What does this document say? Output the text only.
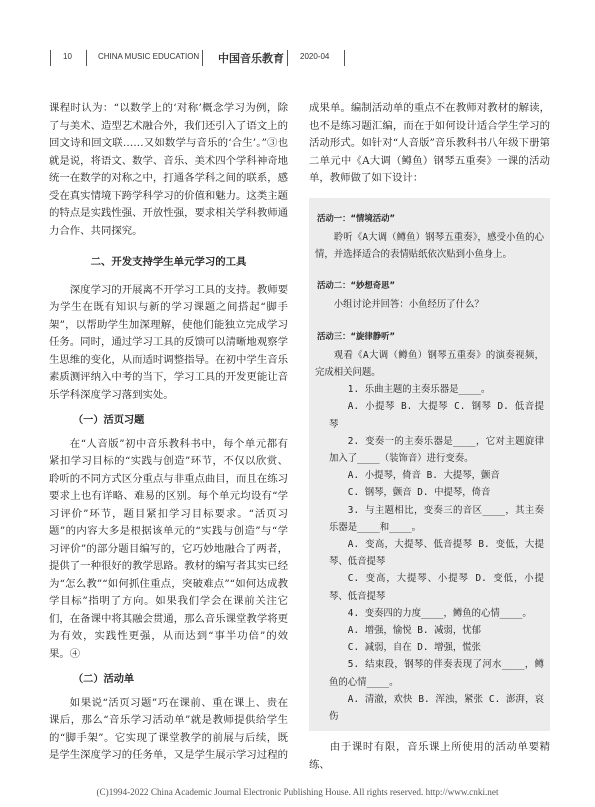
10	CHINA MUSIC EDUCATION 中国音乐教育 2020-04

课程时认为：“以数学上的‘对称’概念学习为例，除了与美术、造型艺术融合外，我们还引入了语文上的回文诗和回文联……又如数学与音乐的‘合生’。”③也就是说，将语文、数学、音乐、美术四个学科神奇地统一在数学的对称之中，打通各学科之间的联系，感受在真实情境下跨学科学习的价值和魅力。这类主题的特点是实践性强、开放性强，要求相关学科教师通力合作、共同探究。

二、开发支持学生单元学习的工具

深度学习的开展离不开学习工具的支持。教师要为学生在既有知识与新的学习课题之间搭起“脚手架”，以帮助学生加深理解，使他们能独立完成学习任务。同时，通过学习工具的反馈可以清晰地观察学生思维的变化，从而适时调整指导。在初中学生音乐素质测评纳入中考的当下，学习工具的开发更能让音乐学科深度学习落到实处。

（一）活页习题

在“人音版”初中音乐教科书中，每个单元都有紧扣学习目标的“实践与创造”环节，不仅以欣赏、聆听的不同方式区分重点与非重点曲目，而且在练习要求上也有详略、难易的区别。每个单元均设有“学习评价”环节，题目紧扣学习目标要求。“活页习题”的内容大多是根据该单元的“实践与创造”与“学习评价”的部分题目编写的，它巧妙地融合了两者，提供了一种很好的教学思路。教材的编写者其实已经为“怎么教”“如何抓住重点，突破难点”“如何达成教学目标”指明了方向。如果我们学会在课前关注它们，在备课中将其融会贯通，那么音乐课堂教学将更为有效，实践性更强，从而达到“事半功倍”的效果。④

（二）活动单

如果说“活页习题”巧在课前、重在课上、贵在课后，那么“音乐学习活动单”就是教师提供给学生的“脚手架”。它实现了课堂教学的前展与后续，既是学生深度学习的任务单，又是学生展示学习过程的

成果单。编制活动单的重点不在教师对教材的解读，也不是练习题汇编，而在于如何设计适合学生学习的活动形式。如针对“人音版”音乐教科书八年级下册第二单元中《A大调（鳟鱼）钢琴五重奏》一课的活动单，教师做了如下设计：

活动一：“情境活动”

聆听《A大调（鳟鱼）钢琴五重奏》，感受小鱼的心情，并选择适合的表情贴纸依次贴到小鱼身上。

活动二：“妙想奇思”

小组讨论并回答：小鱼经历了什么？

活动三：“旋律静听”

观看《A大调（鳟鱼）钢琴五重奏》的演奏视频，完成相关问题。

1. 乐曲主题的主奏乐器是____。

A. 小提琴 B. 大提琴 C. 钢琴 D. 低音提琴

2. 变奏一的主奏乐器是____，它对主题旋律加入了____（装饰音）进行变奏。

A. 小提琴，倚音 B. 大提琴，颤音

C. 钢琴，颤音 D. 中提琴，倚音

3. 与主题相比，变奏三的音区____，其主奏乐器是____和____。

A. 变高，大提琴、低音提琴 B. 变低，大提琴、低音提琴

C. 变高，大提琴、小提琴 D. 变低，小提琴、低音提琴

4. 变奏四的力度____，鳟鱼的心情____。

A. 增强，愉悦 B. 减弱，忧郁

C. 减弱，自在 D. 增强，慌张

5. 结束段，钢琴的伴奏表现了河水____，鳟鱼的心情____。

A. 清澈，欢快 B. 浑浊，紧张 C. 澎湃，哀伤

由于课时有限，音乐课上所使用的活动单要精练、

(C)1994-2022 China Academic Journal Electronic Publishing House. All rights reserved. http://www.cnki.net
